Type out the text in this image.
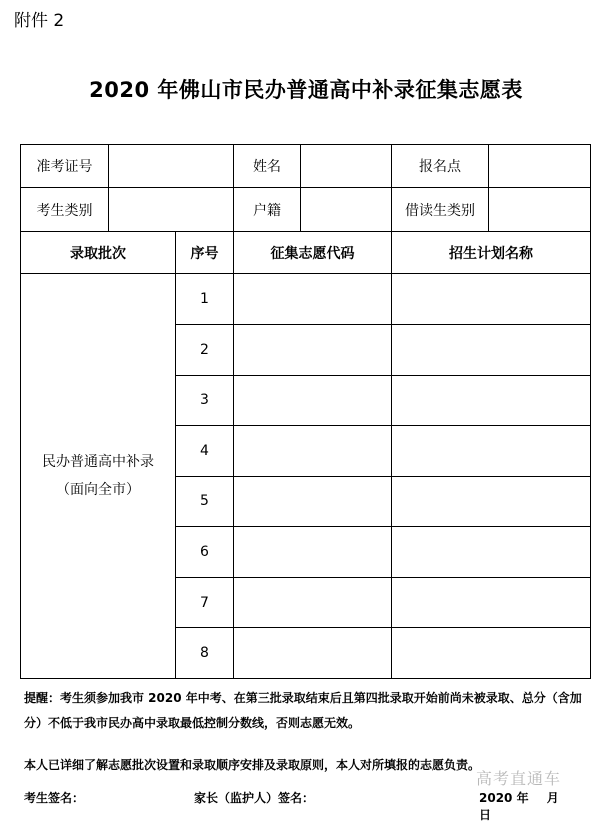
附件 2
2020 年佛山市民办普通高中补录征集志愿表
准考证号			姓名		报名点	
考生类别			户籍		借读生类别	
录取批次		序号	征集志愿代码		招生计划名称	

民办普通高中补录
（面向全市）		1				
		2				
		3				
		4				
		5				
		6				
		7				
		8				
提醒：考生须参加我市 2020 年中考、在第三批录取结束后且第四批录取开始前尚未被录取、总分（含加分）不低于我市民办高中录取最低控制分数线，否则志愿无效。
本人已详细了解志愿批次设置和录取顺序安排及录取原则，本人对所填报的志愿负责。
考生签名：	家长（监护人）签名：	2020 年 月 日
高考直通车
